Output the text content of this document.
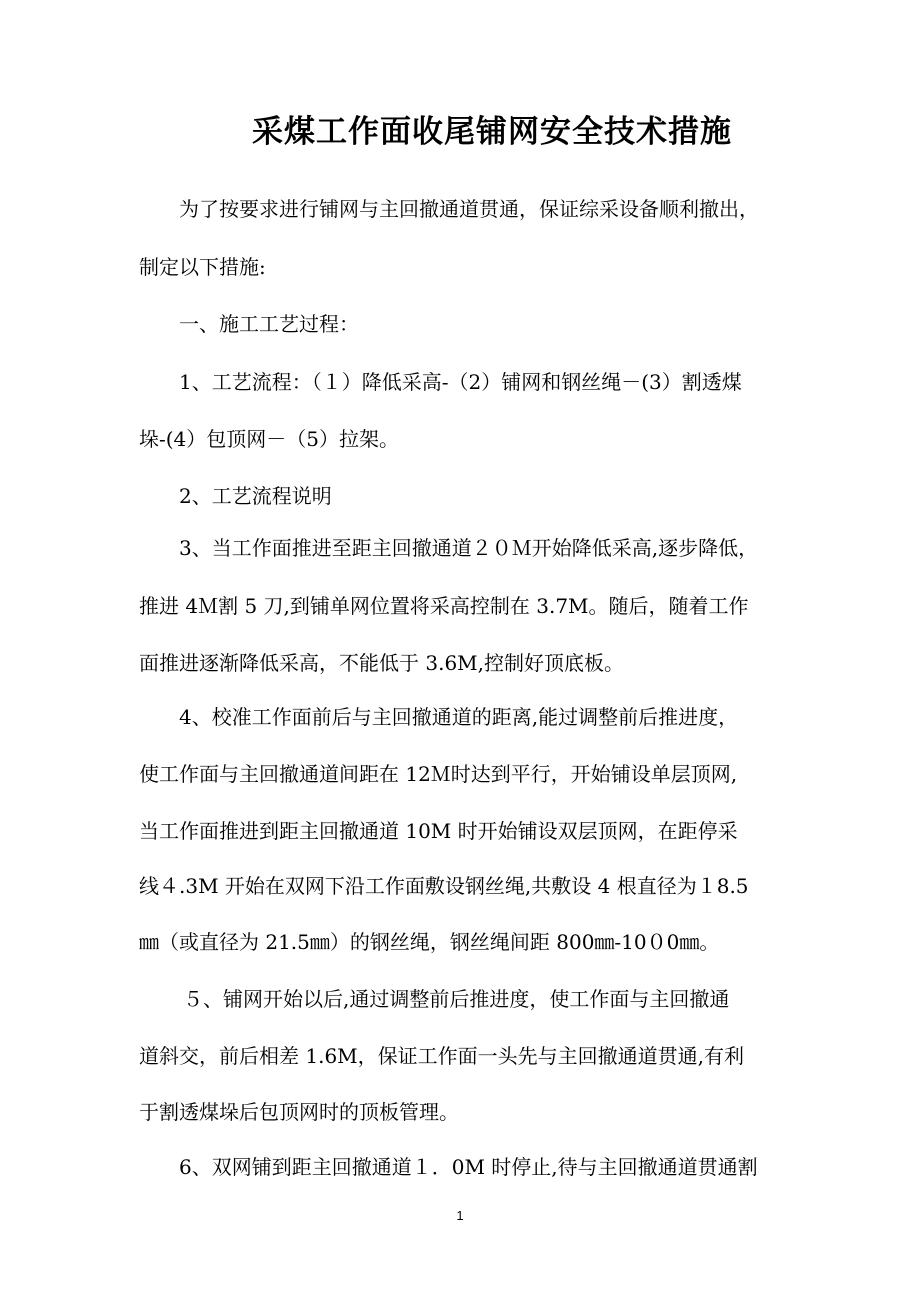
采煤工作面收尾铺网安全技术措施

为了按要求进行铺网与主回撤通道贯通，保证综采设备顺利撤出，

制定以下措施:

一、施工工艺过程：

1、工艺流程：（１）降低采高-（2）铺网和钢丝绳－(3）割透煤

垛-(4）包顶网－（5）拉架。

2、工艺流程说明

3、当工作面推进至距主回撤通道２０Ｍ开始降低采高,逐步降低，

推进 4Ｍ割 5 刀,到铺单网位置将采高控制在 3.7M。随后，随着工作

面推进逐渐降低采高，不能低于 3.6M,控制好顶底板。

4、校准工作面前后与主回撤通道的距离,能过调整前后推进度，

使工作面与主回撤通道间距在 12Ｍ时达到平行，开始铺设单层顶网,

当工作面推进到距主回撤通道 10M 时开始铺设双层顶网，在距停采

线４.3M 开始在双网下沿工作面敷设钢丝绳,共敷设 4 根直径为１8.5

㎜（或直径为 21.5㎜）的钢丝绳，钢丝绳间距 800㎜-10０0㎜。

５、铺网开始以后,通过调整前后推进度，使工作面与主回撤通

道斜交，前后相差 1.6M，保证工作面一头先与主回撤通道贯通,有利

于割透煤垛后包顶网时的顶板管理。

6、双网铺到距主回撤通道１．0M 时停止,待与主回撤通道贯通割

1
